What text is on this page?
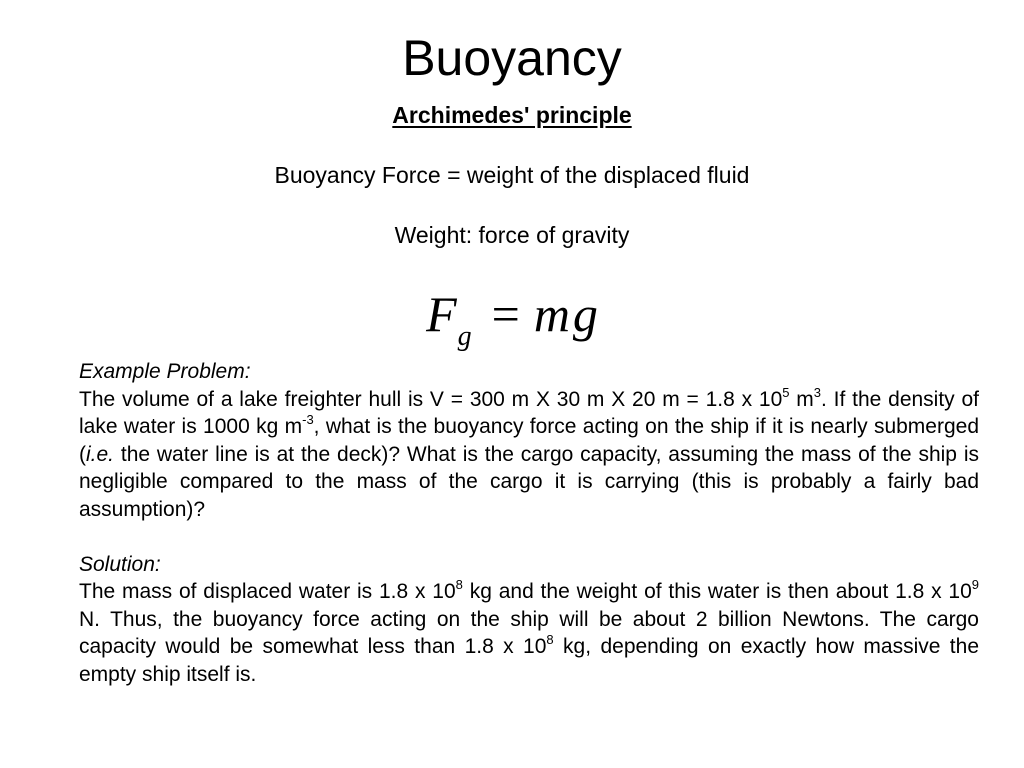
Buoyancy
Archimedes' principle
Buoyancy Force = weight of the displaced fluid
Weight: force of gravity
$F_g$ = mg
Example Problem:
The volume of a lake freighter hull is V = 300 m X 30 m X 20 m = 1.8 x $10^5$ $m^3$. If the density of lake water is 1000 kg $m^{-3}$, what is the buoyancy force acting on the ship if it is nearly submerged (i.e. the water line is at the deck)? What is the cargo capacity, assuming the mass of the ship is negligible compared to the mass of the cargo it is carrying (this is probably a fairly bad assumption)?
Solution:
The mass of displaced water is 1.8 x $10^8$ kg and the weight of this water is then about 1.8 x $10^9$ N. Thus, the buoyancy force acting on the ship will be about 2 billion Newtons. The cargo capacity would be somewhat less than 1.8 x $10^8$ kg, depending on exactly how massive the empty ship itself is.
